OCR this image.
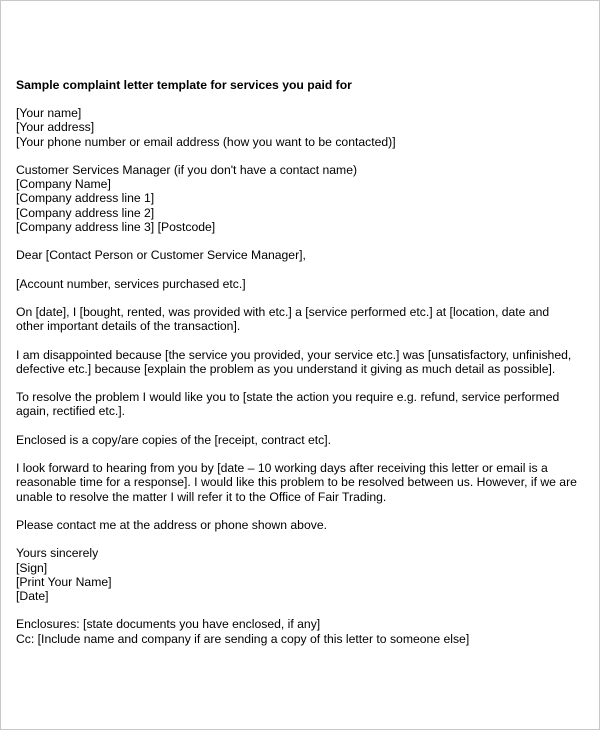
Sample complaint letter template for services you paid for
[Your name]
[Your address]
[Your phone number or email address (how you want to be contacted)]
Customer Services Manager (if you don't have a contact name)
[Company Name]
[Company address line 1]
[Company address line 2]
[Company address line 3] [Postcode]
Dear [Contact Person or Customer Service Manager],
[Account number, services purchased etc.]
On [date], I [bought, rented, was provided with etc.] a [service performed etc.] at [location, date and
other important details of the transaction].
I am disappointed because [the service you provided, your service etc.] was [unsatisfactory, unfinished,
defective etc.] because [explain the problem as you understand it giving as much detail as possible].
To resolve the problem I would like you to [state the action you require e.g. refund, service performed
again, rectified etc.].
Enclosed is a copy/are copies of the [receipt, contract etc].
I look forward to hearing from you by [date – 10 working days after receiving this letter or email is a
reasonable time for a response]. I would like this problem to be resolved between us. However, if we are
unable to resolve the matter I will refer it to the Office of Fair Trading.
Please contact me at the address or phone shown above.
Yours sincerely
[Sign]
[Print Your Name]
[Date]
Enclosures: [state documents you have enclosed, if any]
Cc: [Include name and company if are sending a copy of this letter to someone else]
